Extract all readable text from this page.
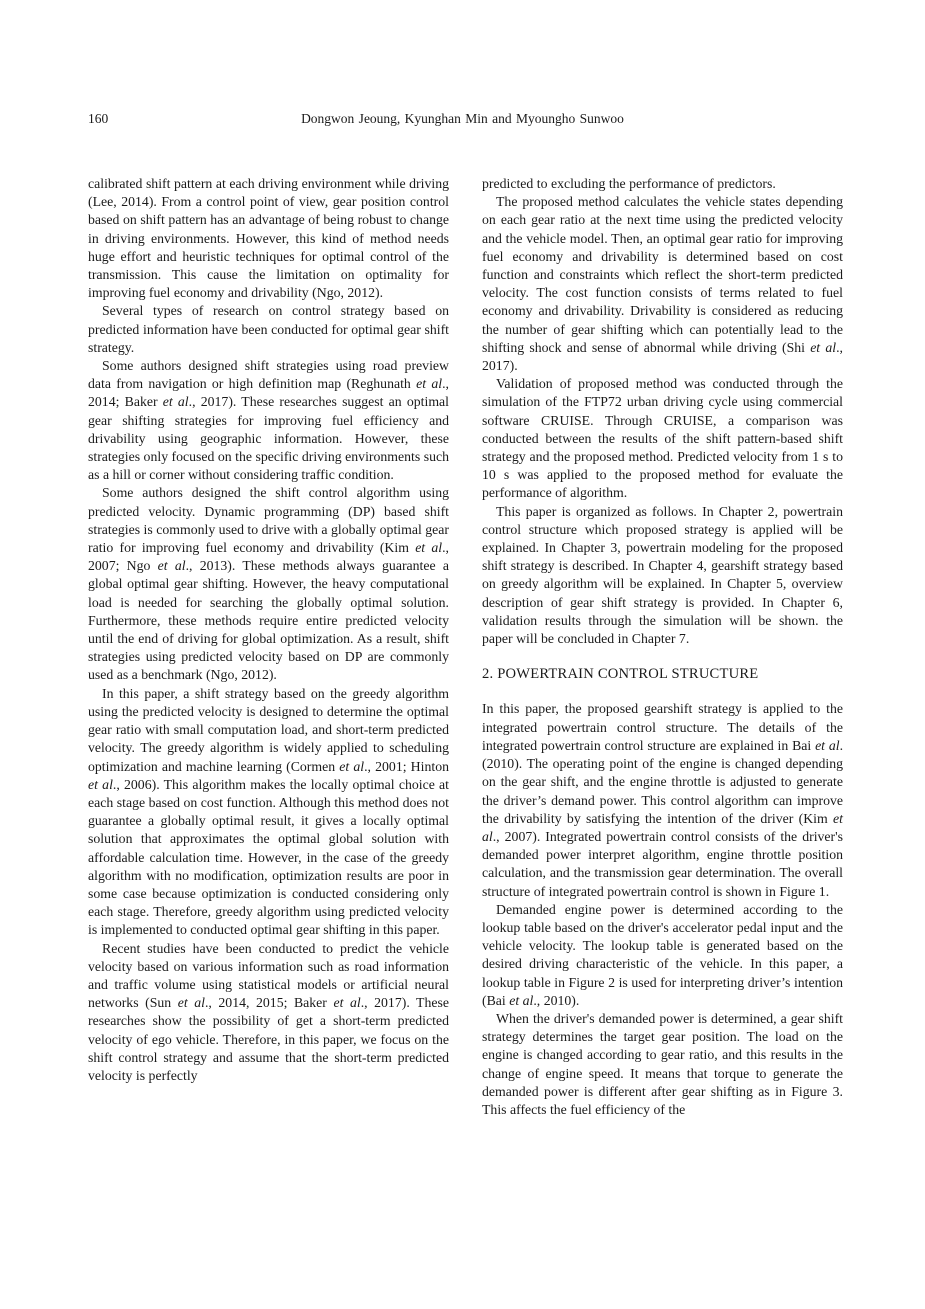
160	Dongwon Jeoung, Kyunghan Min and Myoungho Sunwoo

calibrated shift pattern at each driving environment while driving (Lee, 2014). From a control point of view, gear position control based on shift pattern has an advantage of being robust to change in driving environments. However, this kind of method needs huge effort and heuristic techniques for optimal control of the transmission. This cause the limitation on optimality for improving fuel economy and drivability (Ngo, 2012).

Several types of research on control strategy based on predicted information have been conducted for optimal gear shift strategy.

Some authors designed shift strategies using road preview data from navigation or high definition map (Reghunath et al., 2014; Baker et al., 2017). These researches suggest an optimal gear shifting strategies for improving fuel efficiency and drivability using geographic information. However, these strategies only focused on the specific driving environments such as a hill or corner without considering traffic condition.

Some authors designed the shift control algorithm using predicted velocity. Dynamic programming (DP) based shift strategies is commonly used to drive with a globally optimal gear ratio for improving fuel economy and drivability (Kim et al., 2007; Ngo et al., 2013). These methods always guarantee a global optimal gear shifting. However, the heavy computational load is needed for searching the globally optimal solution. Furthermore, these methods require entire predicted velocity until the end of driving for global optimization. As a result, shift strategies using predicted velocity based on DP are commonly used as a benchmark (Ngo, 2012).

In this paper, a shift strategy based on the greedy algorithm using the predicted velocity is designed to determine the optimal gear ratio with small computation load, and short-term predicted velocity. The greedy algorithm is widely applied to scheduling optimization and machine learning (Cormen et al., 2001; Hinton et al., 2006). This algorithm makes the locally optimal choice at each stage based on cost function. Although this method does not guarantee a globally optimal result, it gives a locally optimal solution that approximates the optimal global solution with affordable calculation time. However, in the case of the greedy algorithm with no modification, optimization results are poor in some case because optimization is conducted considering only each stage. Therefore, greedy algorithm using predicted velocity is implemented to conducted optimal gear shifting in this paper.

Recent studies have been conducted to predict the vehicle velocity based on various information such as road information and traffic volume using statistical models or artificial neural networks (Sun et al., 2014, 2015; Baker et al., 2017). These researches show the possibility of get a short-term predicted velocity of ego vehicle. Therefore, in this paper, we focus on the shift control strategy and assume that the short-term predicted velocity is perfectly

predicted to excluding the performance of predictors.

The proposed method calculates the vehicle states depending on each gear ratio at the next time using the predicted velocity and the vehicle model. Then, an optimal gear ratio for improving fuel economy and drivability is determined based on cost function and constraints which reflect the short-term predicted velocity. The cost function consists of terms related to fuel economy and drivability. Drivability is considered as reducing the number of gear shifting which can potentially lead to the shifting shock and sense of abnormal while driving (Shi et al., 2017).

Validation of proposed method was conducted through the simulation of the FTP72 urban driving cycle using commercial software CRUISE. Through CRUISE, a comparison was conducted between the results of the shift pattern-based shift strategy and the proposed method. Predicted velocity from 1 s to 10 s was applied to the proposed method for evaluate the performance of algorithm.

This paper is organized as follows. In Chapter 2, powertrain control structure which proposed strategy is applied will be explained. In Chapter 3, powertrain modeling for the proposed shift strategy is described. In Chapter 4, gearshift strategy based on greedy algorithm will be explained. In Chapter 5, overview description of gear shift strategy is provided. In Chapter 6, validation results through the simulation will be shown. the paper will be concluded in Chapter 7.

2. POWERTRAIN CONTROL STRUCTURE

In this paper, the proposed gearshift strategy is applied to the integrated powertrain control structure. The details of the integrated powertrain control structure are explained in Bai et al. (2010). The operating point of the engine is changed depending on the gear shift, and the engine throttle is adjusted to generate the driver’s demand power. This control algorithm can improve the drivability by satisfying the intention of the driver (Kim et al., 2007). Integrated powertrain control consists of the driver's demanded power interpret algorithm, engine throttle position calculation, and the transmission gear determination. The overall structure of integrated powertrain control is shown in Figure 1.

Demanded engine power is determined according to the lookup table based on the driver's accelerator pedal input and the vehicle velocity. The lookup table is generated based on the desired driving characteristic of the vehicle. In this paper, a lookup table in Figure 2 is used for interpreting driver’s intention (Bai et al., 2010).

When the driver's demanded power is determined, a gear shift strategy determines the target gear position. The load on the engine is changed according to gear ratio, and this results in the change of engine speed. It means that torque to generate the demanded power is different after gear shifting as in Figure 3. This affects the fuel efficiency of the
